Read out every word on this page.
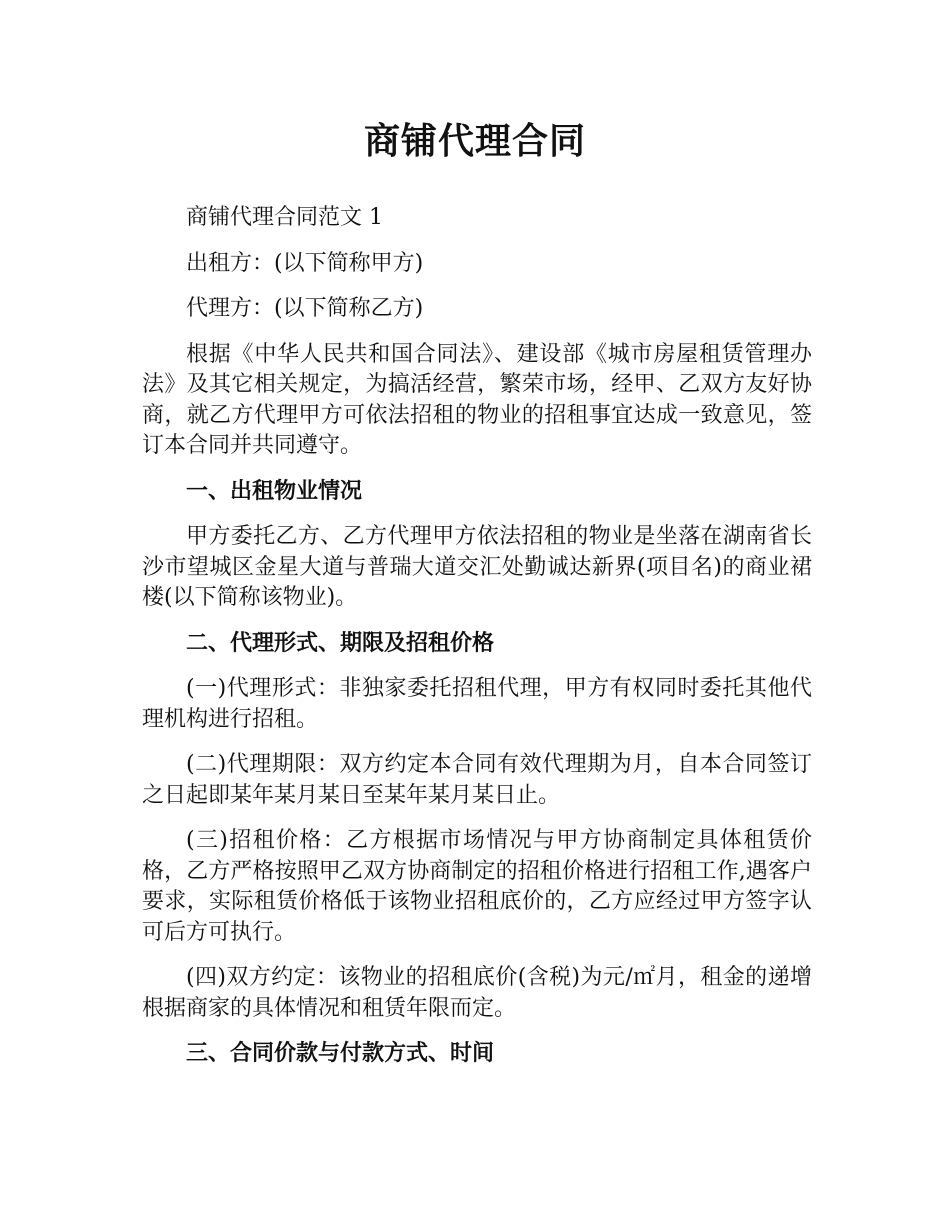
商铺代理合同

商铺代理合同范文 1

出租方：(以下简称甲方)

代理方：(以下简称乙方)

根据《中华人民共和国合同法》、建设部《城市房屋租赁管理办法》及其它相关规定，为搞活经营，繁荣市场，经甲、乙双方友好协商，就乙方代理甲方可依法招租的物业的招租事宜达成一致意见，签订本合同并共同遵守。

一、出租物业情况

甲方委托乙方、乙方代理甲方依法招租的物业是坐落在湖南省长沙市望城区金星大道与普瑞大道交汇处勤诚达新界(项目名)的商业裙楼(以下简称该物业)。

二、代理形式、期限及招租价格

(一)代理形式：非独家委托招租代理，甲方有权同时委托其他代理机构进行招租。

(二)代理期限：双方约定本合同有效代理期为月，自本合同签订之日起即某年某月某日至某年某月某日止。

(三)招租价格：乙方根据市场情况与甲方协商制定具体租赁价格，乙方严格按照甲乙双方协商制定的招租价格进行招租工作,遇客户要求，实际租赁价格低于该物业招租底价的，乙方应经过甲方签字认可后方可执行。

(四)双方约定：该物业的招租底价(含税)为元/㎡月，租金的递增根据商家的具体情况和租赁年限而定。

三、合同价款与付款方式、时间
